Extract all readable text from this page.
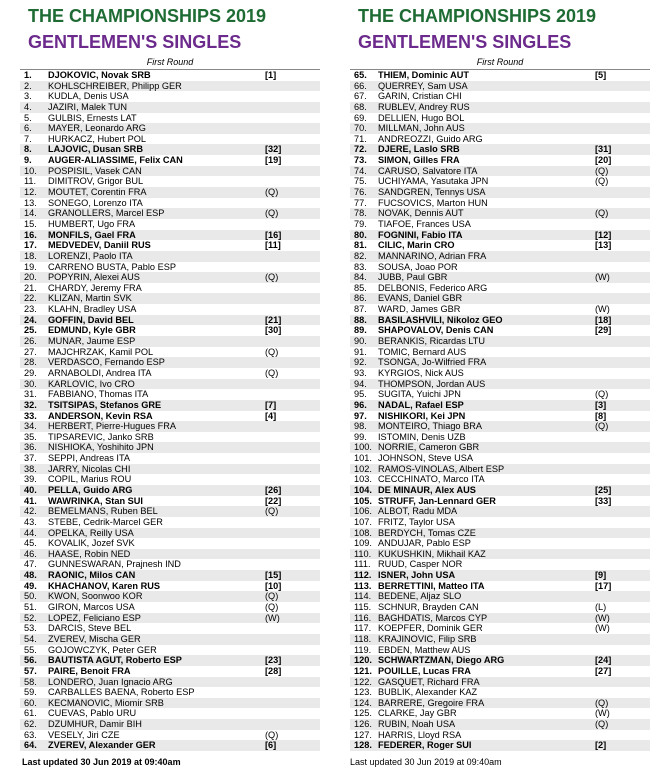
THE CHAMPIONSHIPS 2019
GENTLEMEN'S SINGLES
First Round
1. DJOKOVIC, Novak SRB	[1]
2. KOHLSCHREIBER, Philipp GER
3. KUDLA, Denis USA
4. JAZIRI, Malek TUN
5. GULBIS, Ernests LAT
6. MAYER, Leonardo ARG
7. HURKACZ, Hubert POL
8. LAJOVIC, Dusan SRB	[32]
9. AUGER-ALIASSIME, Felix CAN	[19]
10. POSPISIL, Vasek CAN
11. DIMITROV, Grigor BUL
12. MOUTET, Corentin FRA	(Q)
13. SONEGO, Lorenzo ITA
14. GRANOLLERS, Marcel ESP	(Q)
15. HUMBERT, Ugo FRA
16. MONFILS, Gael FRA	[16]
17. MEDVEDEV, Daniil RUS	[11]
18. LORENZI, Paolo ITA
19. CARRENO BUSTA, Pablo ESP
20. POPYRIN, Alexei AUS	(Q)
21. CHARDY, Jeremy FRA
22. KLIZAN, Martin SVK
23. KLAHN, Bradley USA
24. GOFFIN, David BEL	[21]
25. EDMUND, Kyle GBR	[30]
26. MUNAR, Jaume ESP
27. MAJCHRZAK, Kamil POL	(Q)
28. VERDASCO, Fernando ESP
29. ARNABOLDI, Andrea ITA	(Q)
30. KARLOVIC, Ivo CRO
31. FABBIANO, Thomas ITA
32. TSITSIPAS, Stefanos GRE	[7]
33. ANDERSON, Kevin RSA	[4]
34. HERBERT, Pierre-Hugues FRA
35. TIPSAREVIC, Janko SRB
36. NISHIOKA, Yoshihito JPN
37. SEPPI, Andreas ITA
38. JARRY, Nicolas CHI
39. COPIL, Marius ROU
40. PELLA, Guido ARG	[26]
41. WAWRINKA, Stan SUI	[22]
42. BEMELMANS, Ruben BEL	(Q)
43. STEBE, Cedrik-Marcel GER
44. OPELKA, Reilly USA
45. KOVALIK, Jozef SVK
46. HAASE, Robin NED
47. GUNNESWARAN, Prajnesh IND
48. RAONIC, Milos CAN	[15]
49. KHACHANOV, Karen RUS	[10]
50. KWON, Soonwoo KOR	(Q)
51. GIRON, Marcos USA	(Q)
52. LOPEZ, Feliciano ESP	(W)
53. DARCIS, Steve BEL
54. ZVEREV, Mischa GER
55. GOJOWCZYK, Peter GER
56. BAUTISTA AGUT, Roberto ESP	[23]
57. PAIRE, Benoit FRA	[28]
58. LONDERO, Juan Ignacio ARG
59. CARBALLES BAENA, Roberto ESP
60. KECMANOVIC, Miomir SRB
61. CUEVAS, Pablo URU
62. DZUMHUR, Damir BIH
63. VESELY, Jiri CZE	(Q)
64. ZVEREV, Alexander GER	[6]
THE CHAMPIONSHIPS 2019
GENTLEMEN'S SINGLES
First Round
65. THIEM, Dominic AUT	[5]
66. QUERREY, Sam USA
67. GARIN, Cristian CHI
68. RUBLEV, Andrey RUS
69. DELLIEN, Hugo BOL
70. MILLMAN, John AUS
71. ANDREOZZI, Guido ARG
72. DJERE, Laslo SRB	[31]
73. SIMON, Gilles FRA	[20]
74. CARUSO, Salvatore ITA	(Q)
75. UCHIYAMA, Yasutaka JPN	(Q)
76. SANDGREN, Tennys USA
77. FUCSOVICS, Marton HUN
78. NOVAK, Dennis AUT	(Q)
79. TIAFOE, Frances USA
80. FOGNINI, Fabio ITA	[12]
81. CILIC, Marin CRO	[13]
82. MANNARINO, Adrian FRA
83. SOUSA, Joao POR
84. JUBB, Paul GBR	(W)
85. DELBONIS, Federico ARG
86. EVANS, Daniel GBR
87. WARD, James GBR	(W)
88. BASILASHVILI, Nikoloz GEO	[18]
89. SHAPOVALOV, Denis CAN	[29]
90. BERANKIS, Ricardas LTU
91. TOMIC, Bernard AUS
92. TSONGA, Jo-Wilfried FRA
93. KYRGIOS, Nick AUS
94. THOMPSON, Jordan AUS
95. SUGITA, Yuichi JPN	(Q)
96. NADAL, Rafael ESP	[3]
97. NISHIKORI, Kei JPN	[8]
98. MONTEIRO, Thiago BRA	(Q)
99. ISTOMIN, Denis UZB
100. NORRIE, Cameron GBR
101. JOHNSON, Steve USA
102. RAMOS-VINOLAS, Albert ESP
103. CECCHINATO, Marco ITA
104. DE MINAUR, Alex AUS	[25]
105. STRUFF, Jan-Lennard GER	[33]
106. ALBOT, Radu MDA
107. FRITZ, Taylor USA
108. BERDYCH, Tomas CZE
109. ANDUJAR, Pablo ESP
110. KUKUSHKIN, Mikhail KAZ
111. RUUD, Casper NOR
112. ISNER, John USA	[9]
113. BERRETTINI, Matteo ITA	[17]
114. BEDENE, Aljaz SLO
115. SCHNUR, Brayden CAN	(L)
116. BAGHDATIS, Marcos CYP	(W)
117. KOEPFER, Dominik GER	(W)
118. KRAJINOVIC, Filip SRB
119. EBDEN, Matthew AUS
120. SCHWARTZMAN, Diego ARG	[24]
121. POUILLE, Lucas FRA	[27]
122. GASQUET, Richard FRA
123. BUBLIK, Alexander KAZ
124. BARRERE, Gregoire FRA	(Q)
125. CLARKE, Jay GBR	(W)
126. RUBIN, Noah USA	(Q)
127. HARRIS, Lloyd RSA
128. FEDERER, Roger SUI	[2]
Last updated 30 Jun 2019 at 09:40am	Last updated 30 Jun 2019 at 09:40am
